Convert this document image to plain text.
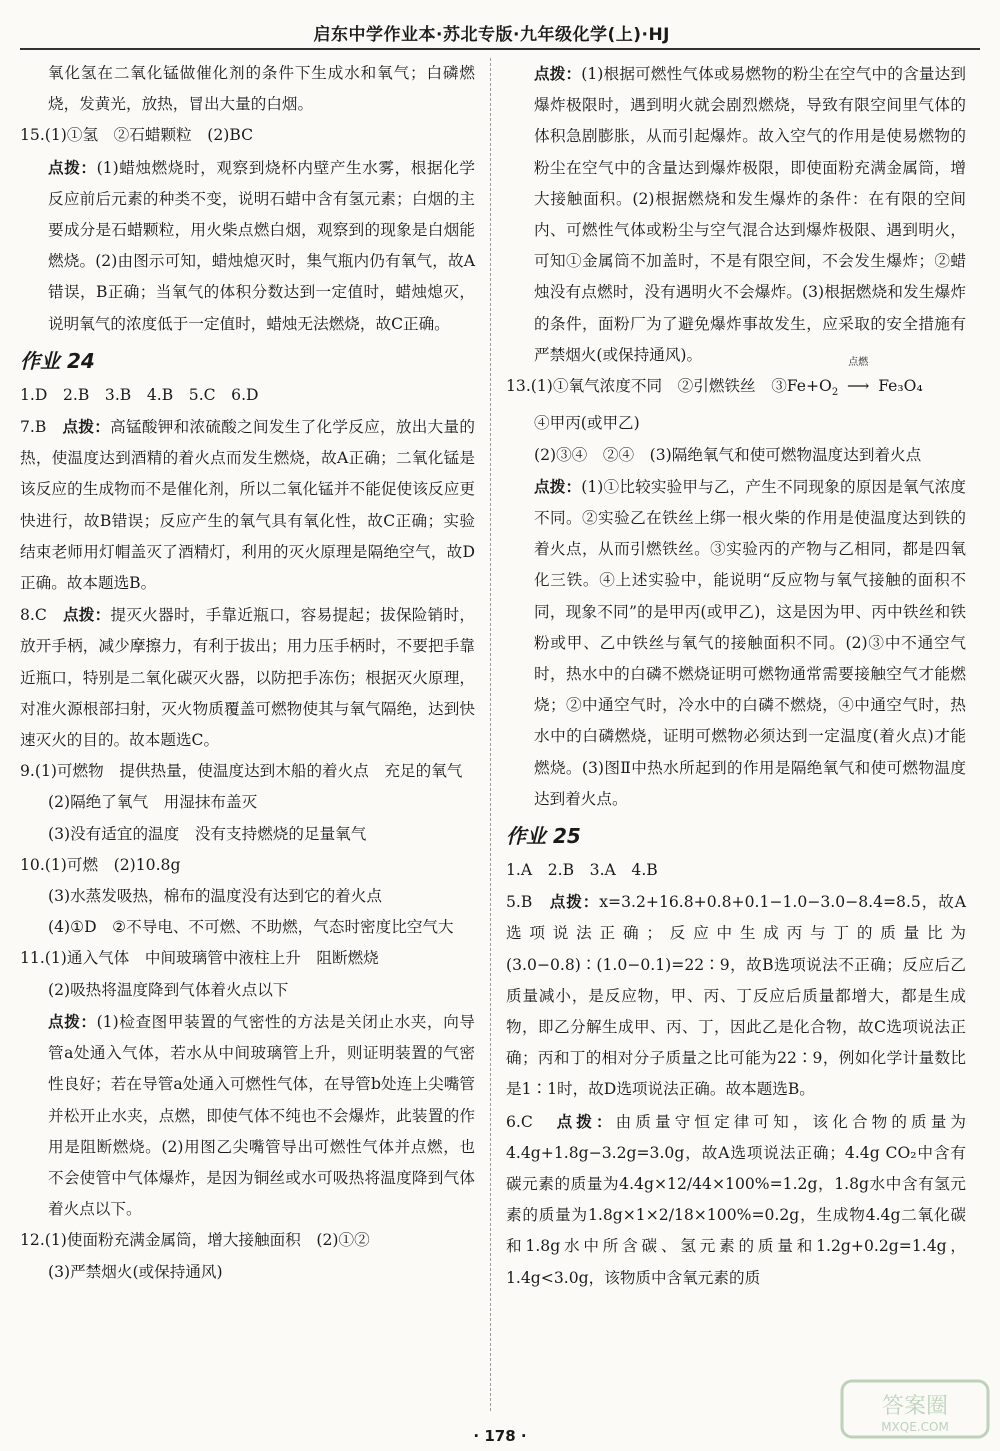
启东中学作业本·苏北专版·九年级化学(上)·HJ

氧化氢在二氧化锰做催化剂的条件下生成水和氧气；白磷燃烧，发黄光，放热，冒出大量的白烟。

15.(1)①氢　②石蜡颗粒　(2)BC

点拨：(1)蜡烛燃烧时，观察到烧杯内壁产生水雾，根据化学反应前后元素的种类不变，说明石蜡中含有氢元素；白烟的主要成分是石蜡颗粒，用火柴点燃白烟，观察到的现象是白烟能燃烧。(2)由图示可知，蜡烛熄灭时，集气瓶内仍有氧气，故A错误，B正确；当氧气的体积分数达到一定值时，蜡烛熄灭，说明氧气的浓度低于一定值时，蜡烛无法燃烧，故C正确。

作业 24

1.D　2.B　3.B　4.B　5.C　6.D

7.B　点拨：高锰酸钾和浓硫酸之间发生了化学反应，放出大量的热，使温度达到酒精的着火点而发生燃烧，故A正确；二氧化锰是该反应的生成物而不是催化剂，所以二氧化锰并不能促使该反应更快进行，故B错误；反应产生的氧气具有氧化性，故C正确；实验结束老师用灯帽盖灭了酒精灯，利用的灭火原理是隔绝空气，故D正确。故本题选B。

8.C　点拨：提灭火器时，手靠近瓶口，容易提起；拔保险销时，放开手柄，减少摩擦力，有利于拔出；用力压手柄时，不要把手靠近瓶口，特别是二氧化碳灭火器，以防把手冻伤；根据灭火原理，对准火源根部扫射，灭火物质覆盖可燃物使其与氧气隔绝，达到快速灭火的目的。故本题选C。

9.(1)可燃物　提供热量，使温度达到木船的着火点　充足的氧气

(2)隔绝了氧气　用湿抹布盖灭

(3)没有适宜的温度　没有支持燃烧的足量氧气

10.(1)可燃　(2)10.8g

(3)水蒸发吸热，棉布的温度没有达到它的着火点

(4)①D　②不导电、不可燃、不助燃，气态时密度比空气大

11.(1)通入气体　中间玻璃管中液柱上升　阻断燃烧

(2)吸热将温度降到气体着火点以下

点拨：(1)检查图甲装置的气密性的方法是关闭止水夹，向导管a处通入气体，若水从中间玻璃管上升，则证明装置的气密性良好；若在导管a处通入可燃性气体，在导管b处连上尖嘴管并松开止水夹，点燃，即使气体不纯也不会爆炸，此装置的作用是阻断燃烧。(2)用图乙尖嘴管导出可燃性气体并点燃，也不会使管中气体爆炸，是因为铜丝或水可吸热将温度降到气体着火点以下。

12.(1)使面粉充满金属筒，增大接触面积　(2)①②

(3)严禁烟火(或保持通风)

点拨：(1)根据可燃性气体或易燃物的粉尘在空气中的含量达到爆炸极限时，遇到明火就会剧烈燃烧，导致有限空间里气体的体积急剧膨胀，从而引起爆炸。故入空气的作用是使易燃物的粉尘在空气中的含量达到爆炸极限，即使面粉充满金属筒，增大接触面积。(2)根据燃烧和发生爆炸的条件：在有限的空间内、可燃性气体或粉尘与空气混合达到爆炸极限、遇到明火，可知①金属筒不加盖时，不是有限空间，不会发生爆炸；②蜡烛没有点燃时，没有遇明火不会爆炸。(3)根据燃烧和发生爆炸的条件，面粉厂为了避免爆炸事故发生，应采取的安全措施有严禁烟火(或保持通风)。

13.(1)①氧气浓度不同　②引燃铁丝　$③Fe+O_2$
点燃
⟶ Fe₃O₄

④甲丙(或甲乙)

(2)③④　②④　(3)隔绝氧气和使可燃物温度达到着火点

点拨：(1)①比较实验甲与乙，产生不同现象的原因是氧气浓度不同。②实验乙在铁丝上绑一根火柴的作用是使温度达到铁的着火点，从而引燃铁丝。③实验丙的产物与乙相同，都是四氧化三铁。④上述实验中，能说明“反应物与氧气接触的面积不同，现象不同”的是甲丙(或甲乙)，这是因为甲、丙中铁丝和铁粉或甲、乙中铁丝与氧气的接触面积不同。(2)③中不通空气时，热水中的白磷不燃烧证明可燃物通常需要接触空气才能燃烧；②中通空气时，冷水中的白磷不燃烧，④中通空气时，热水中的白磷燃烧，证明可燃物必须达到一定温度(着火点)才能燃烧。(3)图Ⅱ中热水所起到的作用是隔绝氧气和使可燃物温度达到着火点。

作业 25

1.A　2.B　3.A　4.B

5.B　点拨：x=3.2+16.8+0.8+0.1−1.0−3.0−8.4=8.5，故A选项说法正确；反应中生成丙与丁的质量比为(3.0−0.8)∶(1.0−0.1)=22∶9，故B选项说法不正确；反应后乙质量减小，是反应物，甲、丙、丁反应后质量都增大，都是生成物，即乙分解生成甲、丙、丁，因此乙是化合物，故C选项说法正确；丙和丁的相对分子质量之比可能为22∶9，例如化学计量数比是1∶1时，故D选项说法正确。故本题选B。

6.C　点拨：由质量守恒定律可知，该化合物的质量为4.4g+1.8g−3.2g=3.0g，故A选项说法正确；4.4g CO₂中含有碳元素的质量为4.4g×12/44×100%=1.2g，1.8g水中含有氢元素的质量为1.8g×1×2/18×100%=0.2g，生成物4.4g二氧化碳和1.8g水中所含碳、氢元素的质量和1.2g+0.2g=1.4g，1.4g<3.0g，该物质中含氧元素的质

· 178 ·
答案圈
MXQE.COM
